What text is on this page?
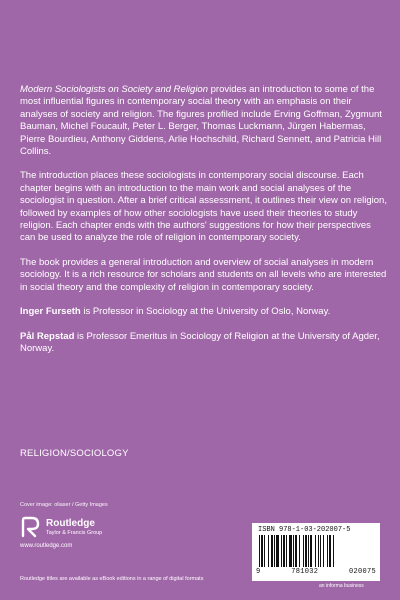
Modern Sociologists on Society and Religion provides an introduction to some of the most influential figures in contemporary social theory with an emphasis on their analyses of society and religion. The figures profiled include Erving Goffman, Zygmunt Bauman, Michel Foucault, Peter L. Berger, Thomas Luckmann, Jürgen Habermas, Pierre Bourdieu, Anthony Giddens, Arlie Hochschild, Richard Sennett, and Patricia Hill Collins.

The introduction places these sociologists in contemporary social discourse. Each chapter begins with an introduction to the main work and social analyses of the sociologist in question. After a brief critical assessment, it outlines their view on religion, followed by examples of how other sociologists have used their theories to study religion. Each chapter ends with the authors' suggestions for how their perspectives can be used to analyze the role of religion in contemporary society.

The book provides a general introduction and overview of social analyses in modern sociology. It is a rich resource for scholars and students on all levels who are interested in social theory and the complexity of religion in contemporary society.

Inger Furseth is Professor in Sociology at the University of Oslo, Norway.

Pål Repstad is Professor Emeritus in Sociology of Religion at the University of Agder, Norway.

RELIGION/SOCIOLOGY
Cover image: oliaser / Getty Images
Routledge
Taylor & Francis Group
www.routledge.com
Routledge titles are available as eBook editions in a range of digital formats
ISBN 978-1-03-202007-5
9	781032	020075
an informa business
